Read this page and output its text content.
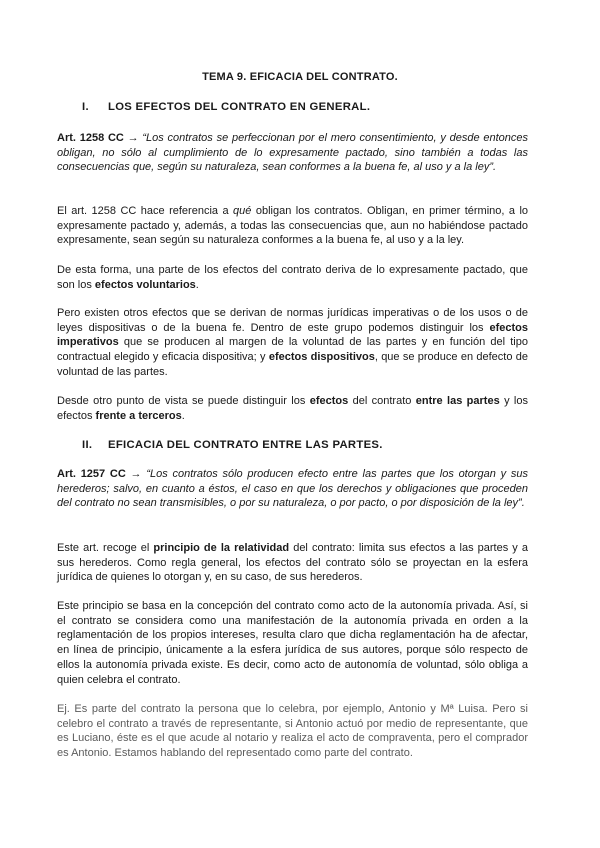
TEMA 9. EFICACIA DEL CONTRATO.
I. LOS EFECTOS DEL CONTRATO EN GENERAL.

Art. 1258 CC → “Los contratos se perfeccionan por el mero consentimiento, y desde entonces obligan, no sólo al cumplimiento de lo expresamente pactado, sino también a todas las consecuencias que, según su naturaleza, sean conformes a la buena fe, al uso y a la ley”.

El art. 1258 CC hace referencia a qué obligan los contratos. Obligan, en primer término, a lo expresamente pactado y, además, a todas las consecuencias que, aun no habiéndose pactado expresamente, sean según su naturaleza conformes a la buena fe, al uso y a la ley.

De esta forma, una parte de los efectos del contrato deriva de lo expresamente pactado, que son los efectos voluntarios.

Pero existen otros efectos que se derivan de normas jurídicas imperativas o de los usos o de leyes dispositivas o de la buena fe. Dentro de este grupo podemos distinguir los efectos imperativos que se producen al margen de la voluntad de las partes y en función del tipo contractual elegido y eficacia dispositiva; y efectos dispositivos, que se produce en defecto de voluntad de las partes.

Desde otro punto de vista se puede distinguir los efectos del contrato entre las partes y los efectos frente a terceros.

II. EFICACIA DEL CONTRATO ENTRE LAS PARTES.

Art. 1257 CC → “Los contratos sólo producen efecto entre las partes que los otorgan y sus herederos; salvo, en cuanto a éstos, el caso en que los derechos y obligaciones que proceden del contrato no sean transmisibles, o por su naturaleza, o por pacto, o por disposición de la ley”.

Este art. recoge el principio de la relatividad del contrato: limita sus efectos a las partes y a sus herederos. Como regla general, los efectos del contrato sólo se proyectan en la esfera jurídica de quienes lo otorgan y, en su caso, de sus herederos.

Este principio se basa en la concepción del contrato como acto de la autonomía privada. Así, si el contrato se considera como una manifestación de la autonomía privada en orden a la reglamentación de los propios intereses, resulta claro que dicha reglamentación ha de afectar, en línea de principio, únicamente a la esfera jurídica de sus autores, porque sólo respecto de ellos la autonomía privada existe. Es decir, como acto de autonomía de voluntad, sólo obliga a quien celebra el contrato.

Ej. Es parte del contrato la persona que lo celebra, por ejemplo, Antonio y Mª Luisa. Pero si celebro el contrato a través de representante, si Antonio actuó por medio de representante, que es Luciano, éste es el que acude al notario y realiza el acto de compraventa, pero el comprador es Antonio. Estamos hablando del representado como parte del contrato.
